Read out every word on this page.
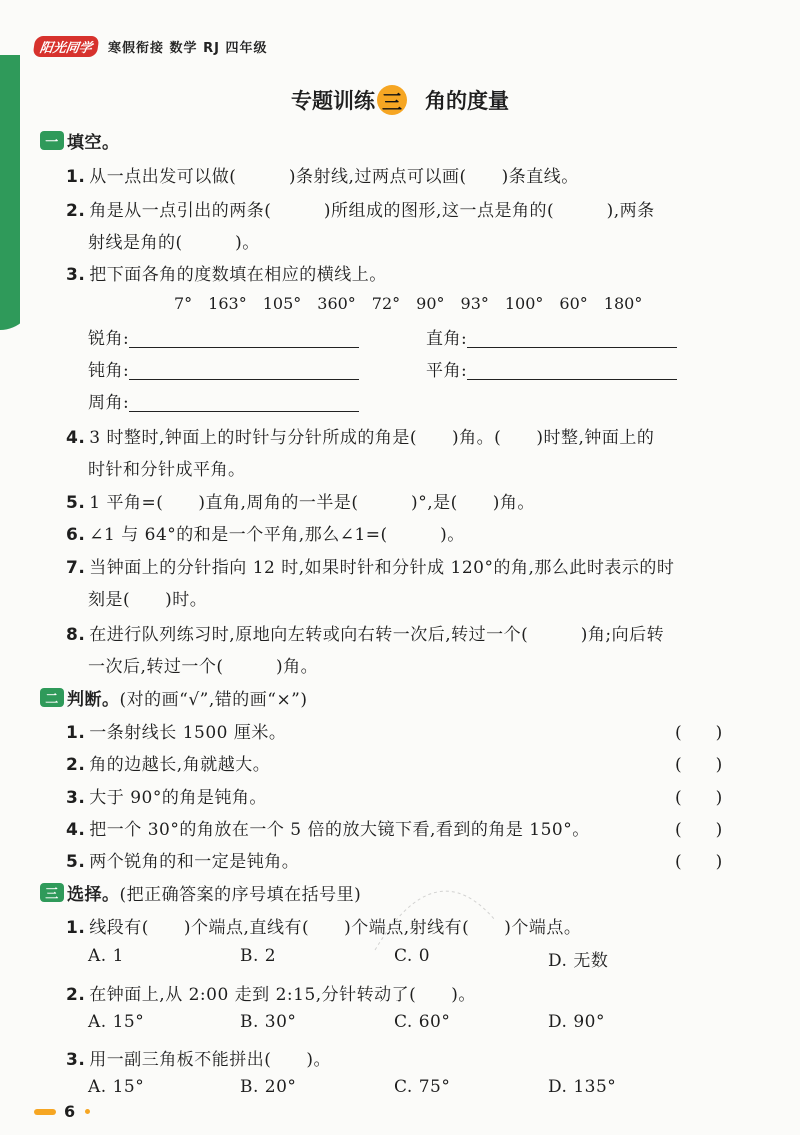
阳光同学	寒假衔接 数学 RJ 四年级
专题训练 三 角的度量
一 填空。
1. 从一点出发可以做(　　　)条射线,过两点可以画(　　)条直线。
2. 角是从一点引出的两条(　　　)所组成的图形,这一点是角的(　　　),两条
射线是角的(　　　)。
3. 把下面各角的度数填在相应的横线上。
7°　163°　105°　360°　72°　90°　93°　100°　60°　180°
锐角:	直角:
钝角:	平角:
周角:
4. 3 时整时,钟面上的时针与分针所成的角是(　　)角。(　　)时整,钟面上的
时针和分针成平角。
5. 1 平角=(　　)直角,周角的一半是(　　　)°,是(　　)角。
6. ∠1 与 64°的和是一个平角,那么∠1=(　　　)。
7. 当钟面上的分针指向 12 时,如果时针和分针成 120°的角,那么此时表示的时
刻是(　　)时。
8. 在进行队列练习时,原地向左转或向右转一次后,转过一个(　　　)角;向后转
一次后,转过一个(　　　)角。
二 判断。 (对的画“√”,错的画“×”)
1. 一条射线长 1500 厘米。	(　　)
2. 角的边越长,角就越大。	(　　)
3. 大于 90°的角是钝角。	(　　)
4. 把一个 30°的角放在一个 5 倍的放大镜下看,看到的角是 150°。	(　　)
5. 两个锐角的和一定是钝角。	(　　)
三 选择。 (把正确答案的序号填在括号里)
1. 线段有(　　)个端点,直线有(　　)个端点,射线有(　　)个端点。
A. 1	B. 2	C. 0	D. 无数
2. 在钟面上,从 2:00 走到 2:15,分针转动了(　　)。
A. 15°	B. 30°	C. 60°	D. 90°
3. 用一副三角板不能拼出(　　)。
A. 15°	B. 20°	C. 75°	D. 135°
6
